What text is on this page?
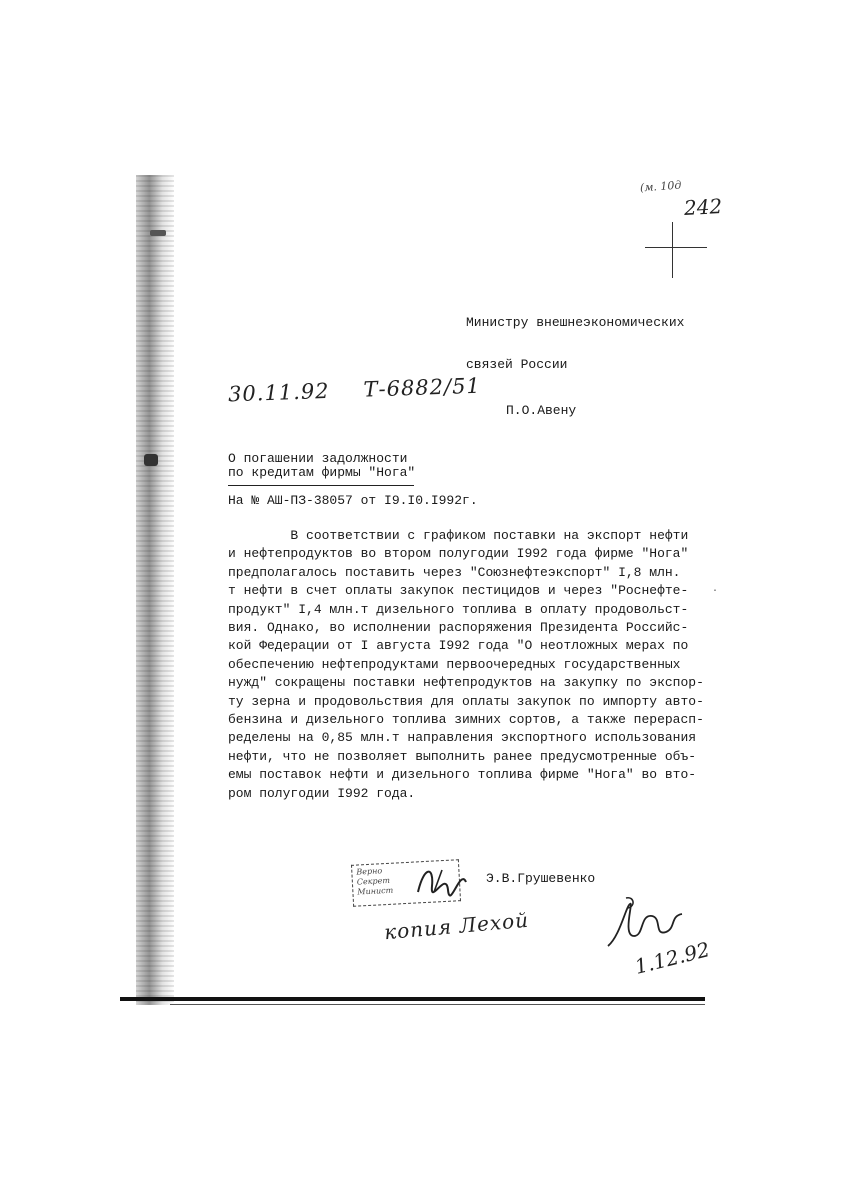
(м. 10д
242

Министру внешнеэкономических

связей России

П.О.Авену

30.11.92 Т-6882/51
О погашении задолжности
по кредитам фирмы "Нога"
На № АШ-ПЗ-38057 от I9.I0.I992г.
В соответствии с графиком поставки на экспорт нефти
и нефтепродуктов во втором полугодии I992 года фирме "Нога"
предполагалось поставить через "Союзнефтеэкспорт" I,8 млн.
т нефти в счет оплаты закупок пестицидов и через "Роснефте-
продукт" I,4 млн.т дизельного топлива в оплату продовольст-
вия. Однако, во исполнении распоряжения Президента Российс-
кой Федерации от I августа I992 года "О неотложных мерах по
обеспечению нефтепродуктами первоочередных государственных
нужд" сокращены поставки нефтепродуктов на закупку по экспор-
ту зерна и продовольствия для оплаты закупок по импорту авто-
бензина и дизельного топлива зимних сортов, а также перерасп-
ределены на 0,85 млн.т направления экспортного использования
нефти, что не позволяет выполнить ранее предусмотренные объ-
емы поставок нефти и дизельного топлива фирме "Нога" во вто-
ром полугодии I992 года.
·
Верно
Секрет
Минист
Э.В.Грушевенко
копия Лехой
1.12.92
